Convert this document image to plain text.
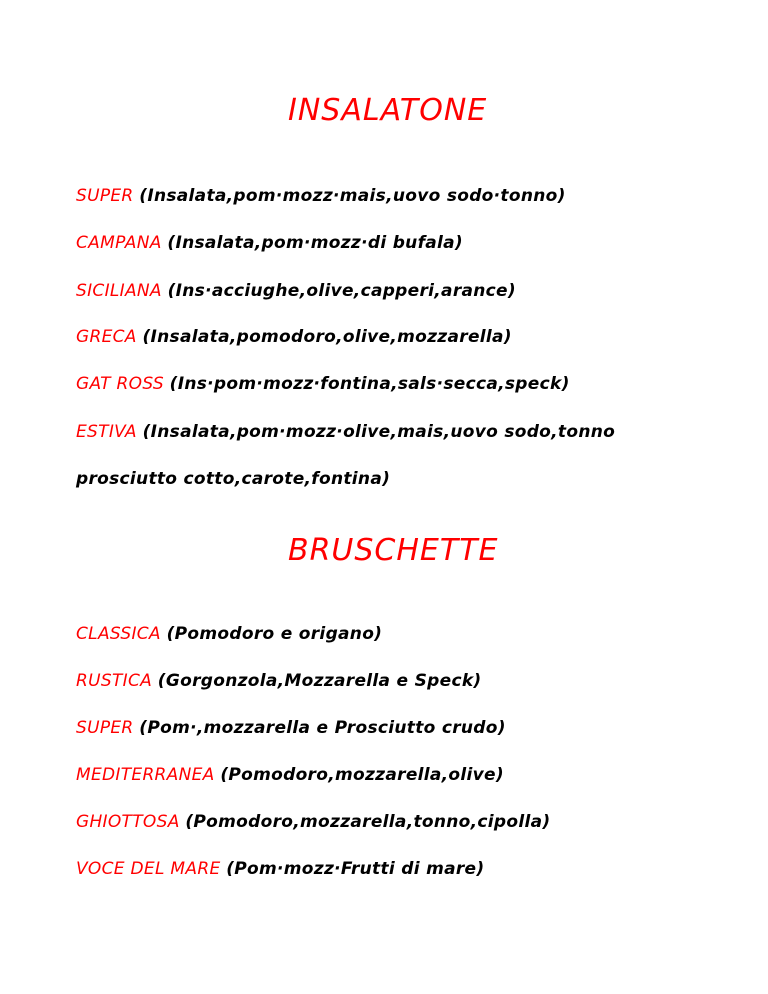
INSALATONE
SUPER (Insalata,pom·mozz·mais,uovo sodo·tonno)
CAMPANA (Insalata,pom·mozz·di bufala)
SICILIANA (Ins·acciughe,olive,capperi,arance)
GRECA (Insalata,pomodoro,olive,mozzarella)
GAT ROSS (Ins·pom·mozz·fontina,sals·secca,speck)
ESTIVA (Insalata,pom·mozz·olive,mais,uovo sodo,tonno
prosciutto cotto,carote,fontina)
BRUSCHETTE
CLASSICA (Pomodoro e origano)
RUSTICA (Gorgonzola,Mozzarella e Speck)
SUPER (Pom·,mozzarella e Prosciutto crudo)
MEDITERRANEA (Pomodoro,mozzarella,olive)
GHIOTTOSA (Pomodoro,mozzarella,tonno,cipolla)
VOCE DEL MARE (Pom·mozz·Frutti di mare)
